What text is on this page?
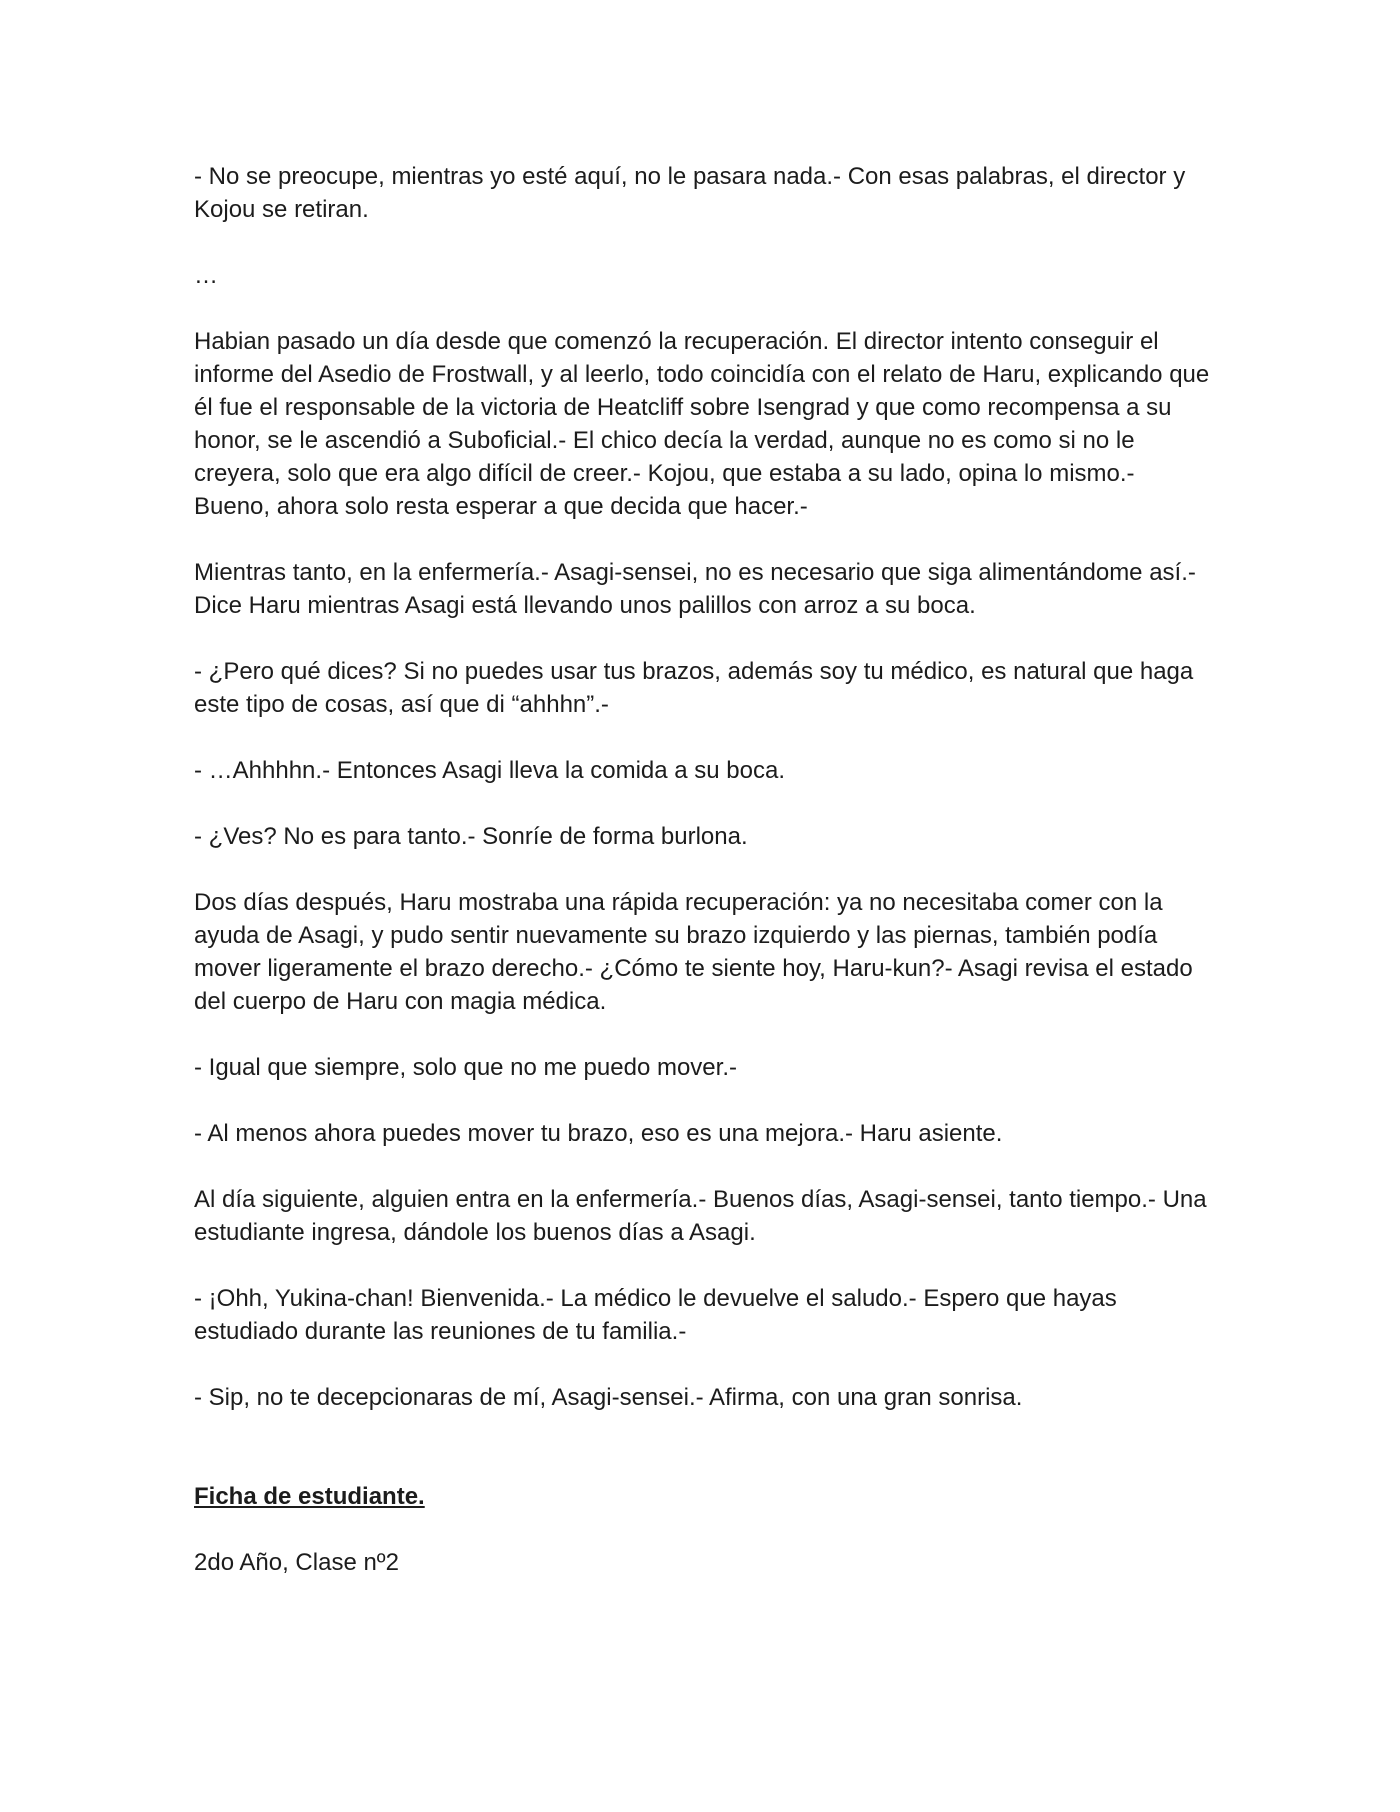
- No se preocupe, mientras yo esté aquí, no le pasara nada.- Con esas palabras, el director y Kojou se retiran.

…

Habian pasado un día desde que comenzó la recuperación. El director intento conseguir el informe del Asedio de Frostwall, y al leerlo, todo coincidía con el relato de Haru, explicando que él fue el responsable de la victoria de Heatcliff sobre Isengrad y que como recompensa a su honor, se le ascendió a Suboficial.- El chico decía la verdad, aunque no es como si no le creyera, solo que era algo difícil de creer.- Kojou, que estaba a su lado, opina lo mismo.- Bueno, ahora solo resta esperar a que decida que hacer.-

Mientras tanto, en la enfermería.- Asagi-sensei, no es necesario que siga alimentándome así.- Dice Haru mientras Asagi está llevando unos palillos con arroz a su boca.

- ¿Pero qué dices? Si no puedes usar tus brazos, además soy tu médico, es natural que haga este tipo de cosas, así que di “ahhhn”.-

- …Ahhhhn.- Entonces Asagi lleva la comida a su boca.

- ¿Ves? No es para tanto.- Sonríe de forma burlona.

Dos días después, Haru mostraba una rápida recuperación: ya no necesitaba comer con la ayuda de Asagi, y pudo sentir nuevamente su brazo izquierdo y las piernas, también podía mover ligeramente el brazo derecho.- ¿Cómo te siente hoy, Haru-kun?- Asagi revisa el estado del cuerpo de Haru con magia médica.

- Igual que siempre, solo que no me puedo mover.-

- Al menos ahora puedes mover tu brazo, eso es una mejora.- Haru asiente.

Al día siguiente, alguien entra en la enfermería.- Buenos días, Asagi-sensei, tanto tiempo.- Una estudiante ingresa, dándole los buenos días a Asagi.

- ¡Ohh, Yukina-chan! Bienvenida.- La médico le devuelve el saludo.- Espero que hayas estudiado durante las reuniones de tu familia.-

- Sip, no te decepcionaras de mí, Asagi-sensei.- Afirma, con una gran sonrisa.

Ficha de estudiante.

2do Año, Clase nº2
